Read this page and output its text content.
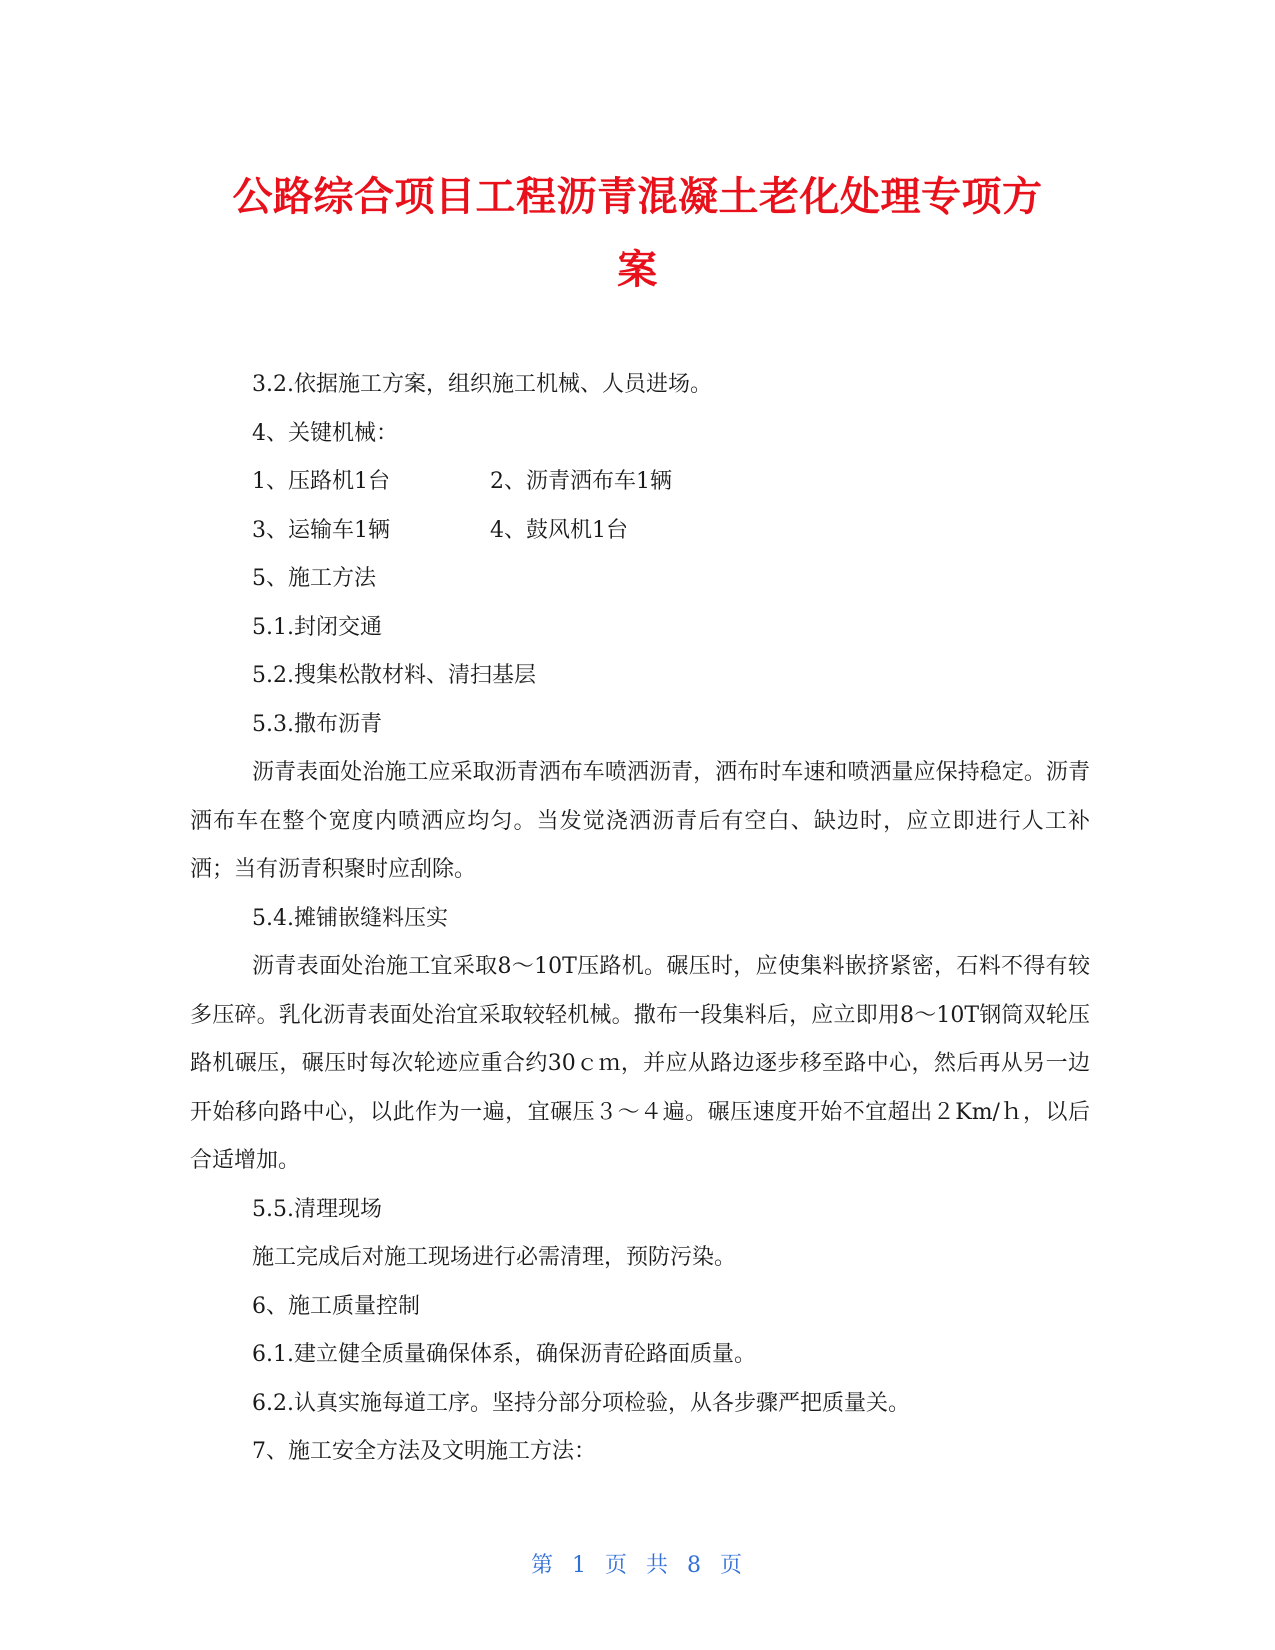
公路综合项目工程沥青混凝土老化处理专项方
案
3.2.依据施工方案，组织施工机械、人员进场。
4、关键机械：
1、压路机1台	2、沥青洒布车1辆
3、运输车1辆	4、鼓风机1台
5、施工方法
5.1.封闭交通
5.2.搜集松散材料、清扫基层
5.3.撒布沥青

沥青表面处治施工应采取沥青洒布车喷洒沥青，洒布时车速和喷洒量应保持稳定。沥青洒布车在整个宽度内喷洒应均匀。当发觉浇洒沥青后有空白、缺边时，应立即进行人工补洒；当有沥青积聚时应刮除。

5.4.摊铺嵌缝料压实

沥青表面处治施工宜采取8～10T压路机。碾压时，应使集料嵌挤紧密，石料不得有较多压碎。乳化沥青表面处治宜采取较轻机械。撒布一段集料后，应立即用8～10T钢筒双轮压路机碾压，碾压时每次轮迹应重合约30ｃｍ，并应从路边逐步移至路中心，然后再从另一边开始移向路中心，以此作为一遍，宜碾压３～４遍。碾压速度开始不宜超出２Km/ｈ，以后合适增加。

5.5.清理现场
施工完成后对施工现场进行必需清理，预防污染。
6、施工质量控制
6.1.建立健全质量确保体系，确保沥青砼路面质量。
6.2.认真实施每道工序。坚持分部分项检验，从各步骤严把质量关。
7、施工安全方法及文明施工方法：
第 1 页 共 8 页
